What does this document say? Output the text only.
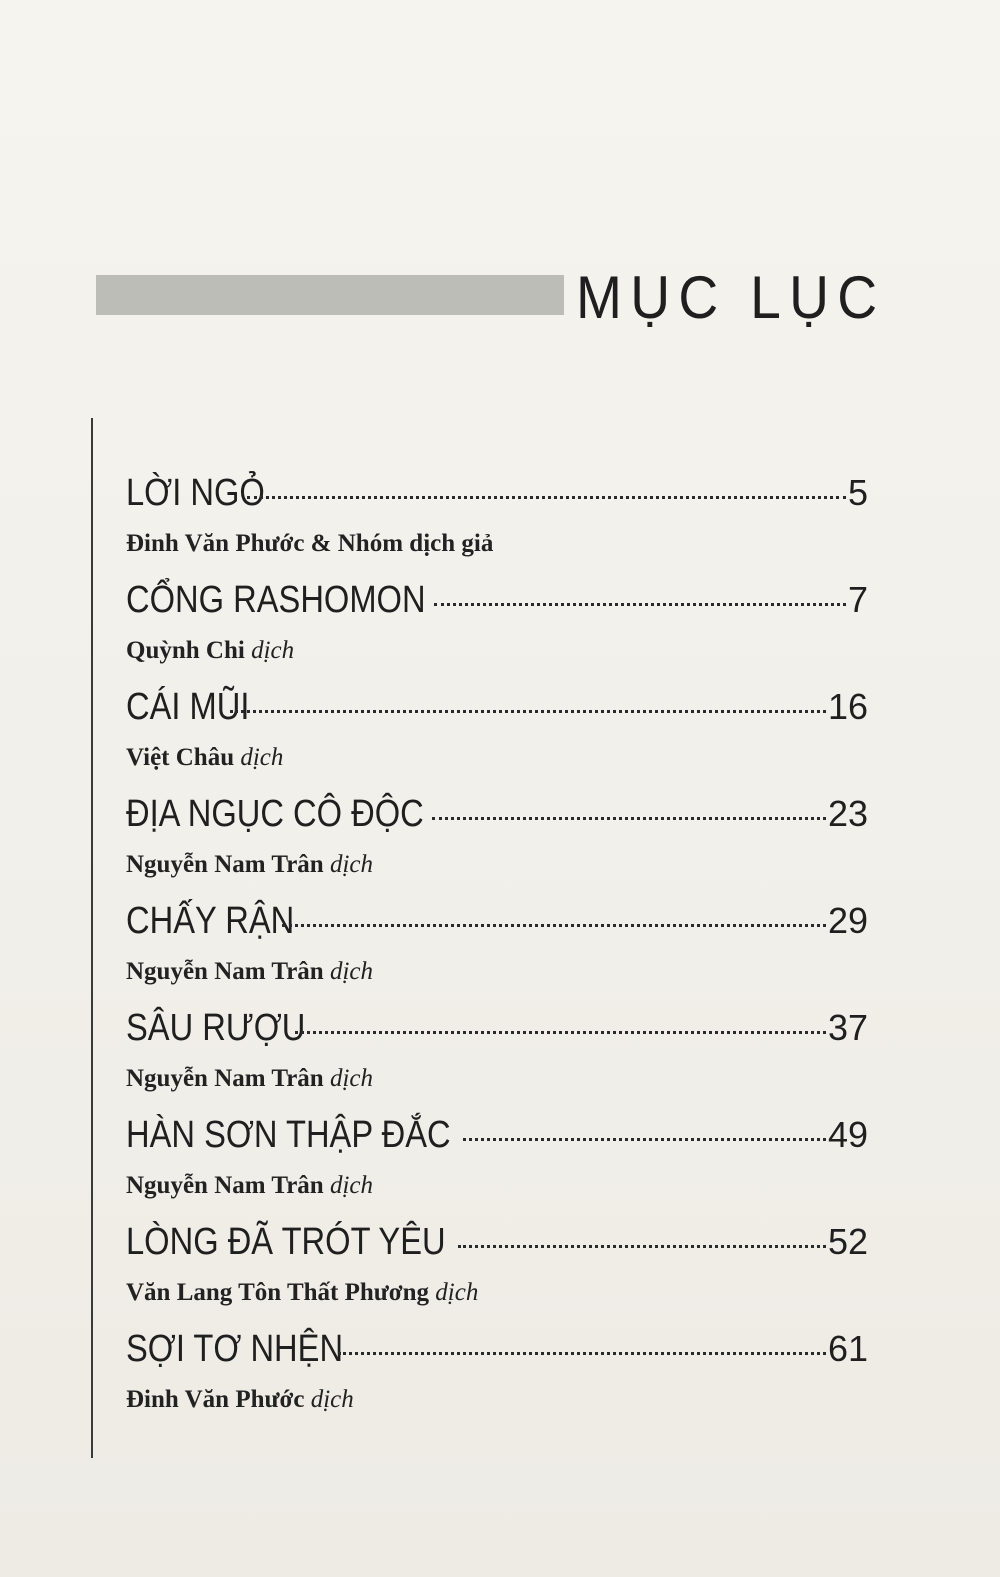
MỤC LỤC
LỜI NGỎ	5
Đinh Văn Phước & Nhóm dịch giả
CỔNG RASHOMON	7
Quỳnh Chi dịch
CÁI MŨI	16
Việt Châu dịch
ĐỊA NGỤC CÔ ĐỘC	23
Nguyễn Nam Trân dịch
CHẤY RẬN	29
Nguyễn Nam Trân dịch
SÂU RƯỢU	37
Nguyễn Nam Trân dịch
HÀN SƠN THẬP ĐẮC	49
Nguyễn Nam Trân dịch
LÒNG ĐÃ TRÓT YÊU	52
Văn Lang Tôn Thất Phương dịch
SỢI TƠ NHỆN	61
Đinh Văn Phước dịch
